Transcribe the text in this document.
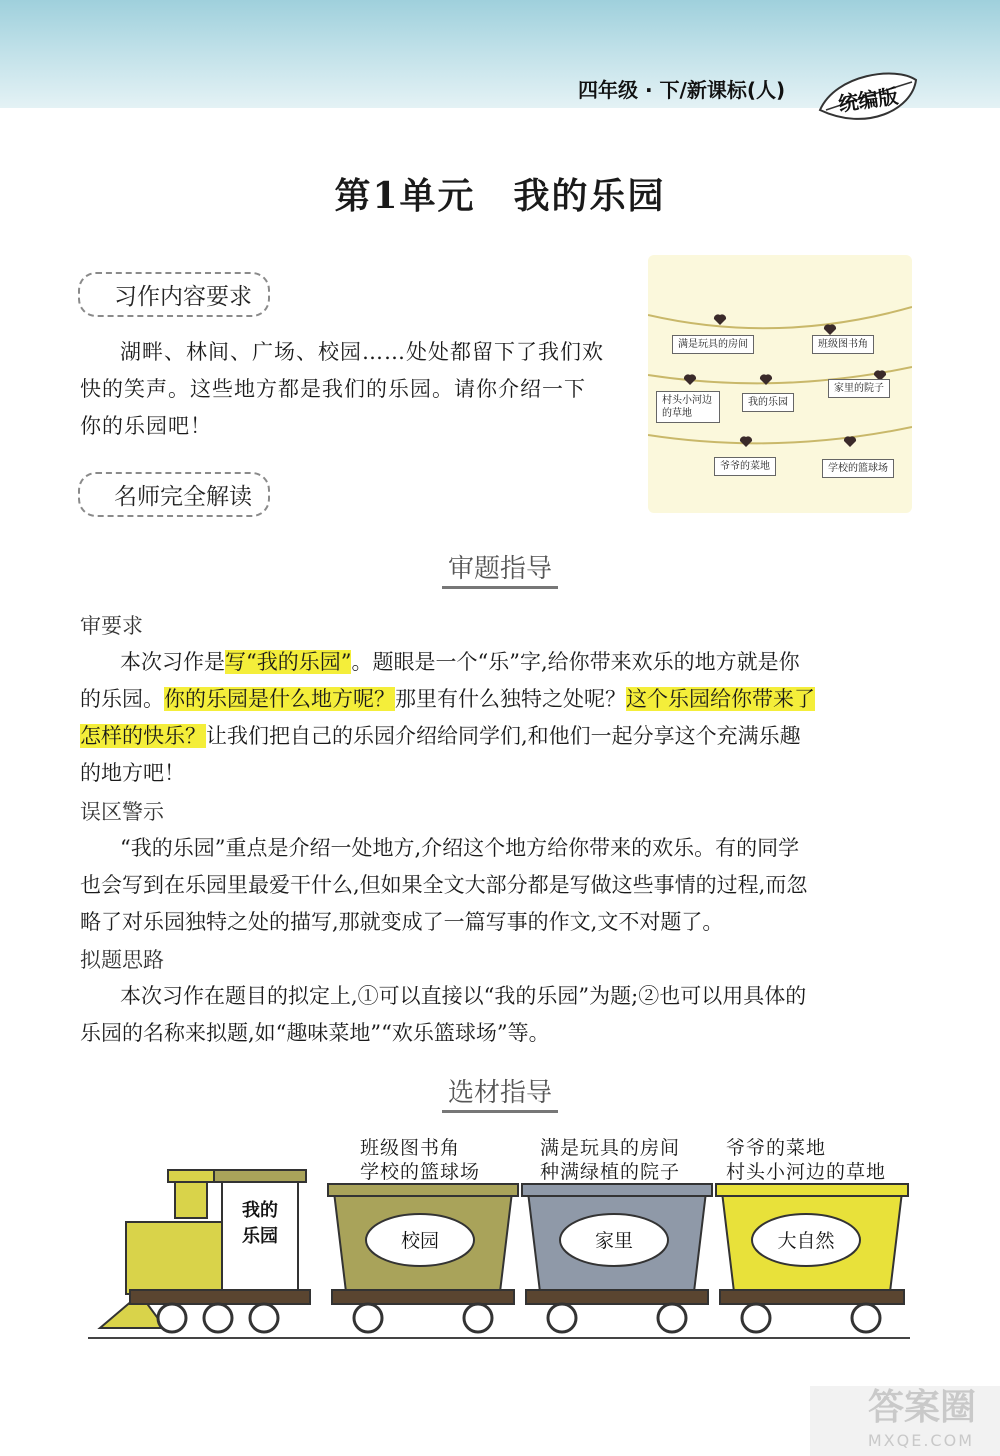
四年级 · 下/新课标(人)	统编版
第1单元　我的乐园
习作内容要求
湖畔、林间、广场、校园……处处都留下了我们欢
快的笑声。这些地方都是我们的乐园。请你介绍一下
你的乐园吧！
满是玩具的房间	班级图书角
村头小河边的草地
我的乐园
家里的院子
爷爷的菜地	学校的篮球场
名师完全解读
审题指导
审要求
本次习作是写“我的乐园”。题眼是一个“乐”字,给你带来欢乐的地方就是你
的乐园。你的乐园是什么地方呢？那里有什么独特之处呢？这个乐园给你带来了
怎样的快乐？让我们把自己的乐园介绍给同学们,和他们一起分享这个充满乐趣
的地方吧！
误区警示
“我的乐园”重点是介绍一处地方,介绍这个地方给你带来的欢乐。有的同学
也会写到在乐园里最爱干什么,但如果全文大部分都是写做这些事情的过程,而忽
略了对乐园独特之处的描写,那就变成了一篇写事的作文,文不对题了。
拟题思路
本次习作在题目的拟定上,①可以直接以“我的乐园”为题;②也可以用具体的
乐园的名称来拟题,如“趣味菜地”“欢乐篮球场”等。
选材指导
班级图书角
学校的篮球场
满是玩具的房间
种满绿植的院子
爷爷的菜地
村头小河边的草地
我的
乐园	校园	家里	大自然
答案圈
MXQE.COM
